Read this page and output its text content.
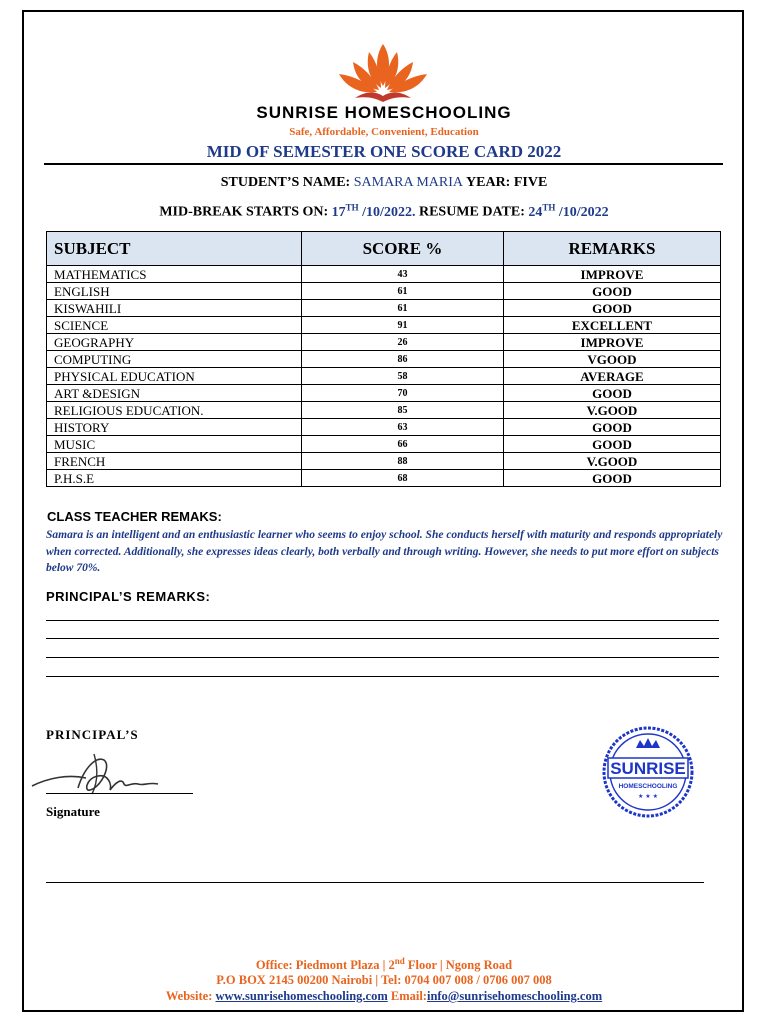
SUNRISE HOMESCHOOLING
Safe, Affordable, Convenient, Education
MID OF SEMESTER ONE SCORE CARD 2022
STUDENT’S NAME: SAMARA MARIA YEAR: FIVE
MID-BREAK STARTS ON: 17TH /10/2022. RESUME DATE: 24TH /10/2022
SUBJECT	SCORE %	REMARKS
MATHEMATICS	43	IMPROVE
ENGLISH	61	GOOD
KISWAHILI	61	GOOD
SCIENCE	91	EXCELLENT
GEOGRAPHY	26	IMPROVE
COMPUTING	86	VGOOD
PHYSICAL EDUCATION	58	AVERAGE
ART &DESIGN	70	GOOD
RELIGIOUS EDUCATION.	85	V.GOOD
HISTORY	63	GOOD
MUSIC	66	GOOD
FRENCH	88	V.GOOD
P.H.S.E	68	GOOD
CLASS TEACHER REMAKS:
Samara is an intelligent and an enthusiastic learner who seems to enjoy school. She conducts herself with maturity and responds appropriately when corrected. Additionally, she expresses ideas clearly, both verbally and through writing. However, she needs to put more effort on subjects below 70%.
PRINCIPAL’S REMARKS:
PRINCIPAL’S
Signature
SUNRISE
HOMESCHOOLING
★ ★ ★
Office: Piedmont Plaza | 2nd Floor | Ngong Road
P.O BOX 2145 00200 Nairobi | Tel: 0704 007 008 / 0706 007 008
Website: www.sunrisehomeschooling.com Email:info@sunrisehomeschooling.com
